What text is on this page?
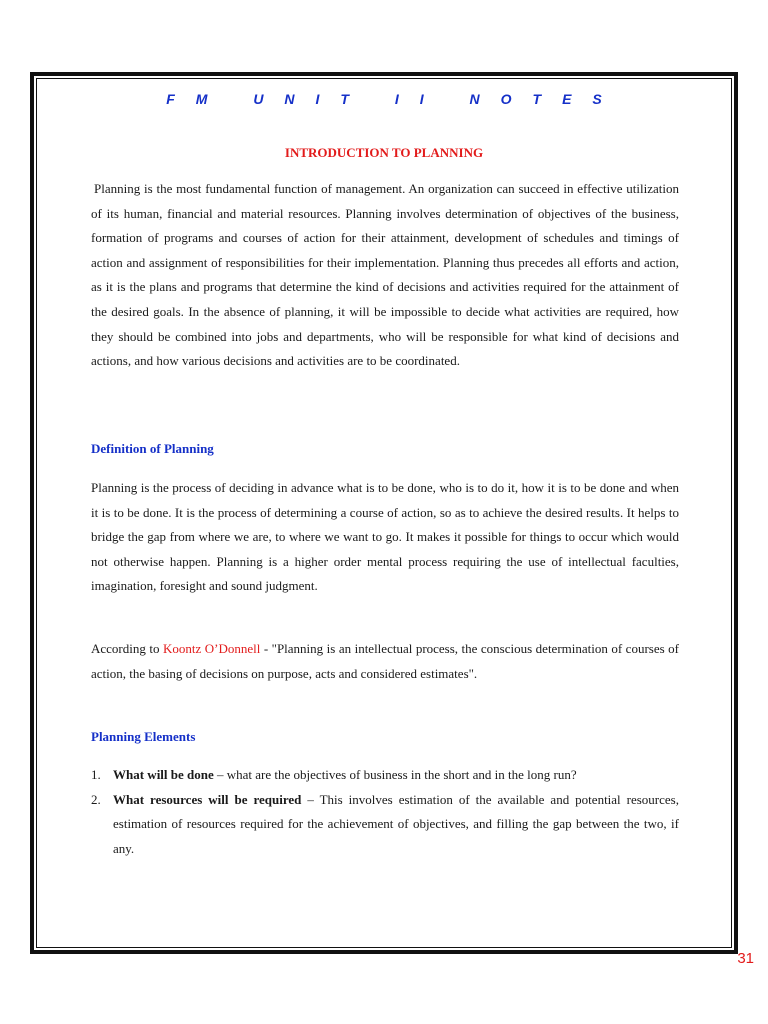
FM UNIT II NOTES
INTRODUCTION TO PLANNING

Planning is the most fundamental function of management. An organization can succeed in effective utilization of its human, financial and material resources. Planning involves determination of objectives of the business, formation of programs and courses of action for their attainment, development of schedules and timings of action and assignment of responsibilities for their implementation. Planning thus precedes all efforts and action, as it is the plans and programs that determine the kind of decisions and activities required for the attainment of the desired goals. In the absence of planning, it will be impossible to decide what activities are required, how they should be combined into jobs and departments, who will be responsible for what kind of decisions and actions, and how various decisions and activities are to be coordinated.

Definition of Planning

Planning is the process of deciding in advance what is to be done, who is to do it, how it is to be done and when it is to be done. It is the process of determining a course of action, so as to achieve the desired results. It helps to bridge the gap from where we are, to where we want to go. It makes it possible for things to occur which would not otherwise happen. Planning is a higher order mental process requiring the use of intellectual faculties, imagination, foresight and sound judgment.

According to Koontz O’Donnell - "Planning is an intellectual process, the conscious determination of courses of action, the basing of decisions on purpose, acts and considered estimates".

Planning Elements
1. What will be done – what are the objectives of business in the short and in the long run?
2. What resources will be required – This involves estimation of the available and potential resources, estimation of resources required for the achievement of objectives, and filling the gap between the two, if any.
31
